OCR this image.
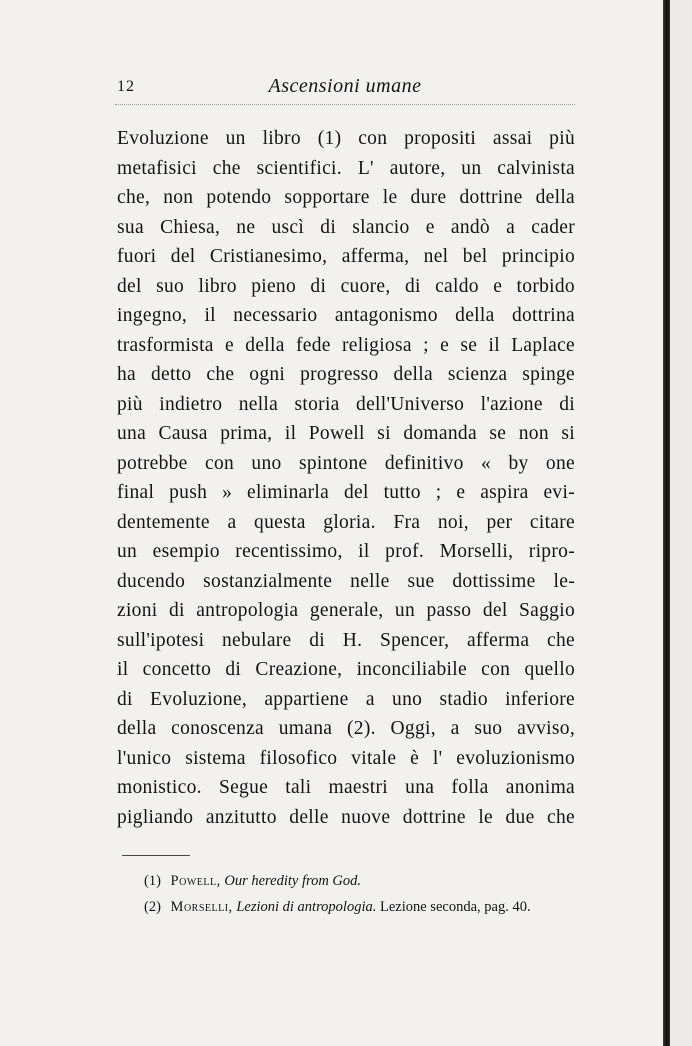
12	Ascensioni umane
Evoluzione un libro (1) con propositi assai più
metafisici che scientifici. L' autore, un calvinista
che, non potendo sopportare le dure dottrine della
sua Chiesa, ne uscì di slancio e andò a cader
fuori del Cristianesimo, afferma, nel bel principio
del suo libro pieno di cuore, di caldo e torbido
ingegno, il necessario antagonismo della dottrina
trasformista e della fede religiosa ; e se il Laplace
ha detto che ogni progresso della scienza spinge
più indietro nella storia dell'Universo l'azione di
una Causa prima, il Powell si domanda se non si
potrebbe con uno spintone definitivo « by one
final push » eliminarla del tutto ; e aspira evi-
dentemente a questa gloria. Fra noi, per citare
un esempio recentissimo, il prof. Morselli, ripro-
ducendo sostanzialmente nelle sue dottissime le-
zioni di antropologia generale, un passo del Saggio
sull'ipotesi nebulare di H. Spencer, afferma che
il concetto di Creazione, inconciliabile con quello
di Evoluzione, appartiene a uno stadio inferiore
della conoscenza umana (2). Oggi, a suo avviso,
l'unico sistema filosofico vitale è l' evoluzionismo
monistico. Segue tali maestri una folla anonima
pigliando anzitutto delle nuove dottrine le due che
(1) Powell, Our heredity from God.
(2) Morselli, Lezioni di antropologia. Lezione seconda, pag. 40.
